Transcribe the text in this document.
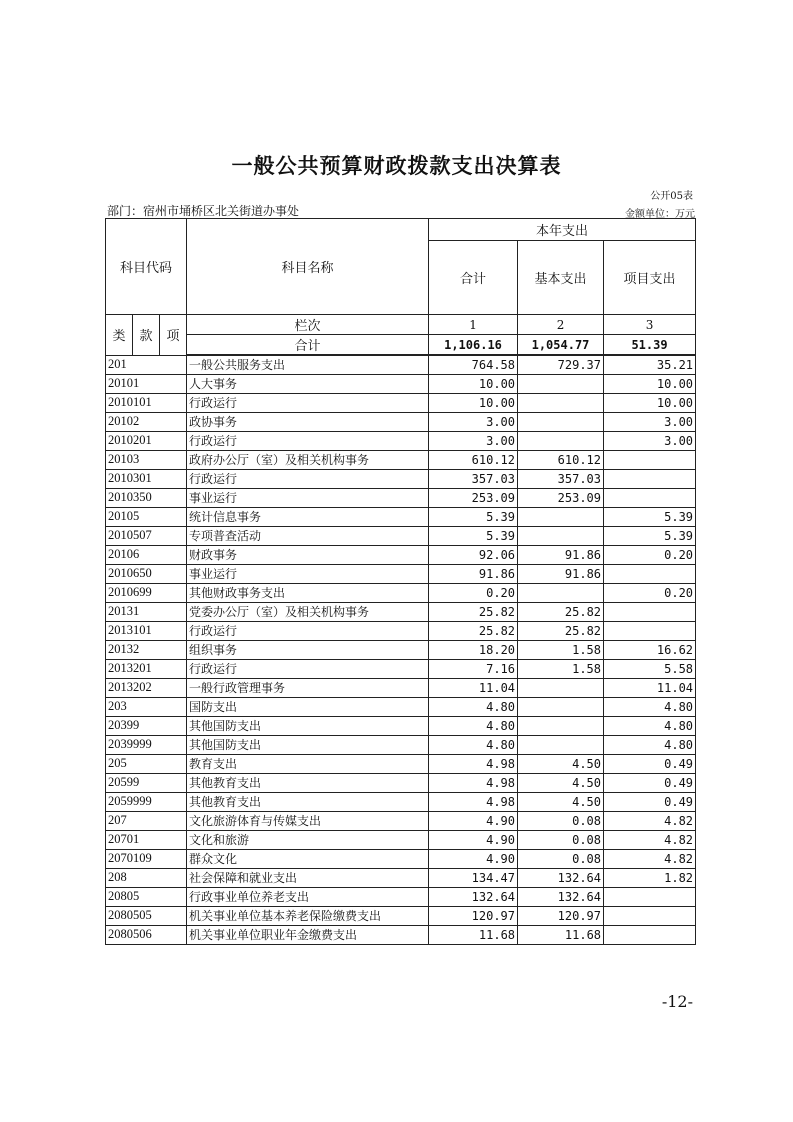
一般公共预算财政拨款支出决算表
公开05表
部门：宿州市埇桥区北关街道办事处	金额单位：万元
科目代码			科目名称	本年支出		
				合计	基本支出	项目支出

类	款	项	栏次	1	2	3
			合计	1,106.16	1,054.77	51.39
201			一般公共服务支出	764.58	729.37	35.21
20101			人大事务	10.00		10.00
2010101			行政运行	10.00		10.00
20102			政协事务	3.00		3.00
2010201			行政运行	3.00		3.00
20103			政府办公厅（室）及相关机构事务	610.12	610.12	
2010301			行政运行	357.03	357.03	
2010350			事业运行	253.09	253.09	
20105			统计信息事务	5.39		5.39
2010507			专项普查活动	5.39		5.39
20106			财政事务	92.06	91.86	0.20
2010650			事业运行	91.86	91.86	
2010699			其他财政事务支出	0.20		0.20
20131			党委办公厅（室）及相关机构事务	25.82	25.82	
2013101			行政运行	25.82	25.82	
20132			组织事务	18.20	1.58	16.62
2013201			行政运行	7.16	1.58	5.58
2013202			一般行政管理事务	11.04		11.04
203			国防支出	4.80		4.80
20399			其他国防支出	4.80		4.80
2039999			其他国防支出	4.80		4.80
205			教育支出	4.98	4.50	0.49
20599			其他教育支出	4.98	4.50	0.49
2059999			其他教育支出	4.98	4.50	0.49
207			文化旅游体育与传媒支出	4.90	0.08	4.82
20701			文化和旅游	4.90	0.08	4.82
2070109			群众文化	4.90	0.08	4.82
208			社会保障和就业支出	134.47	132.64	1.82
20805			行政事业单位养老支出	132.64	132.64	
2080505			机关事业单位基本养老保险缴费支出	120.97	120.97	
2080506			机关事业单位职业年金缴费支出	11.68	11.68	
-12-
